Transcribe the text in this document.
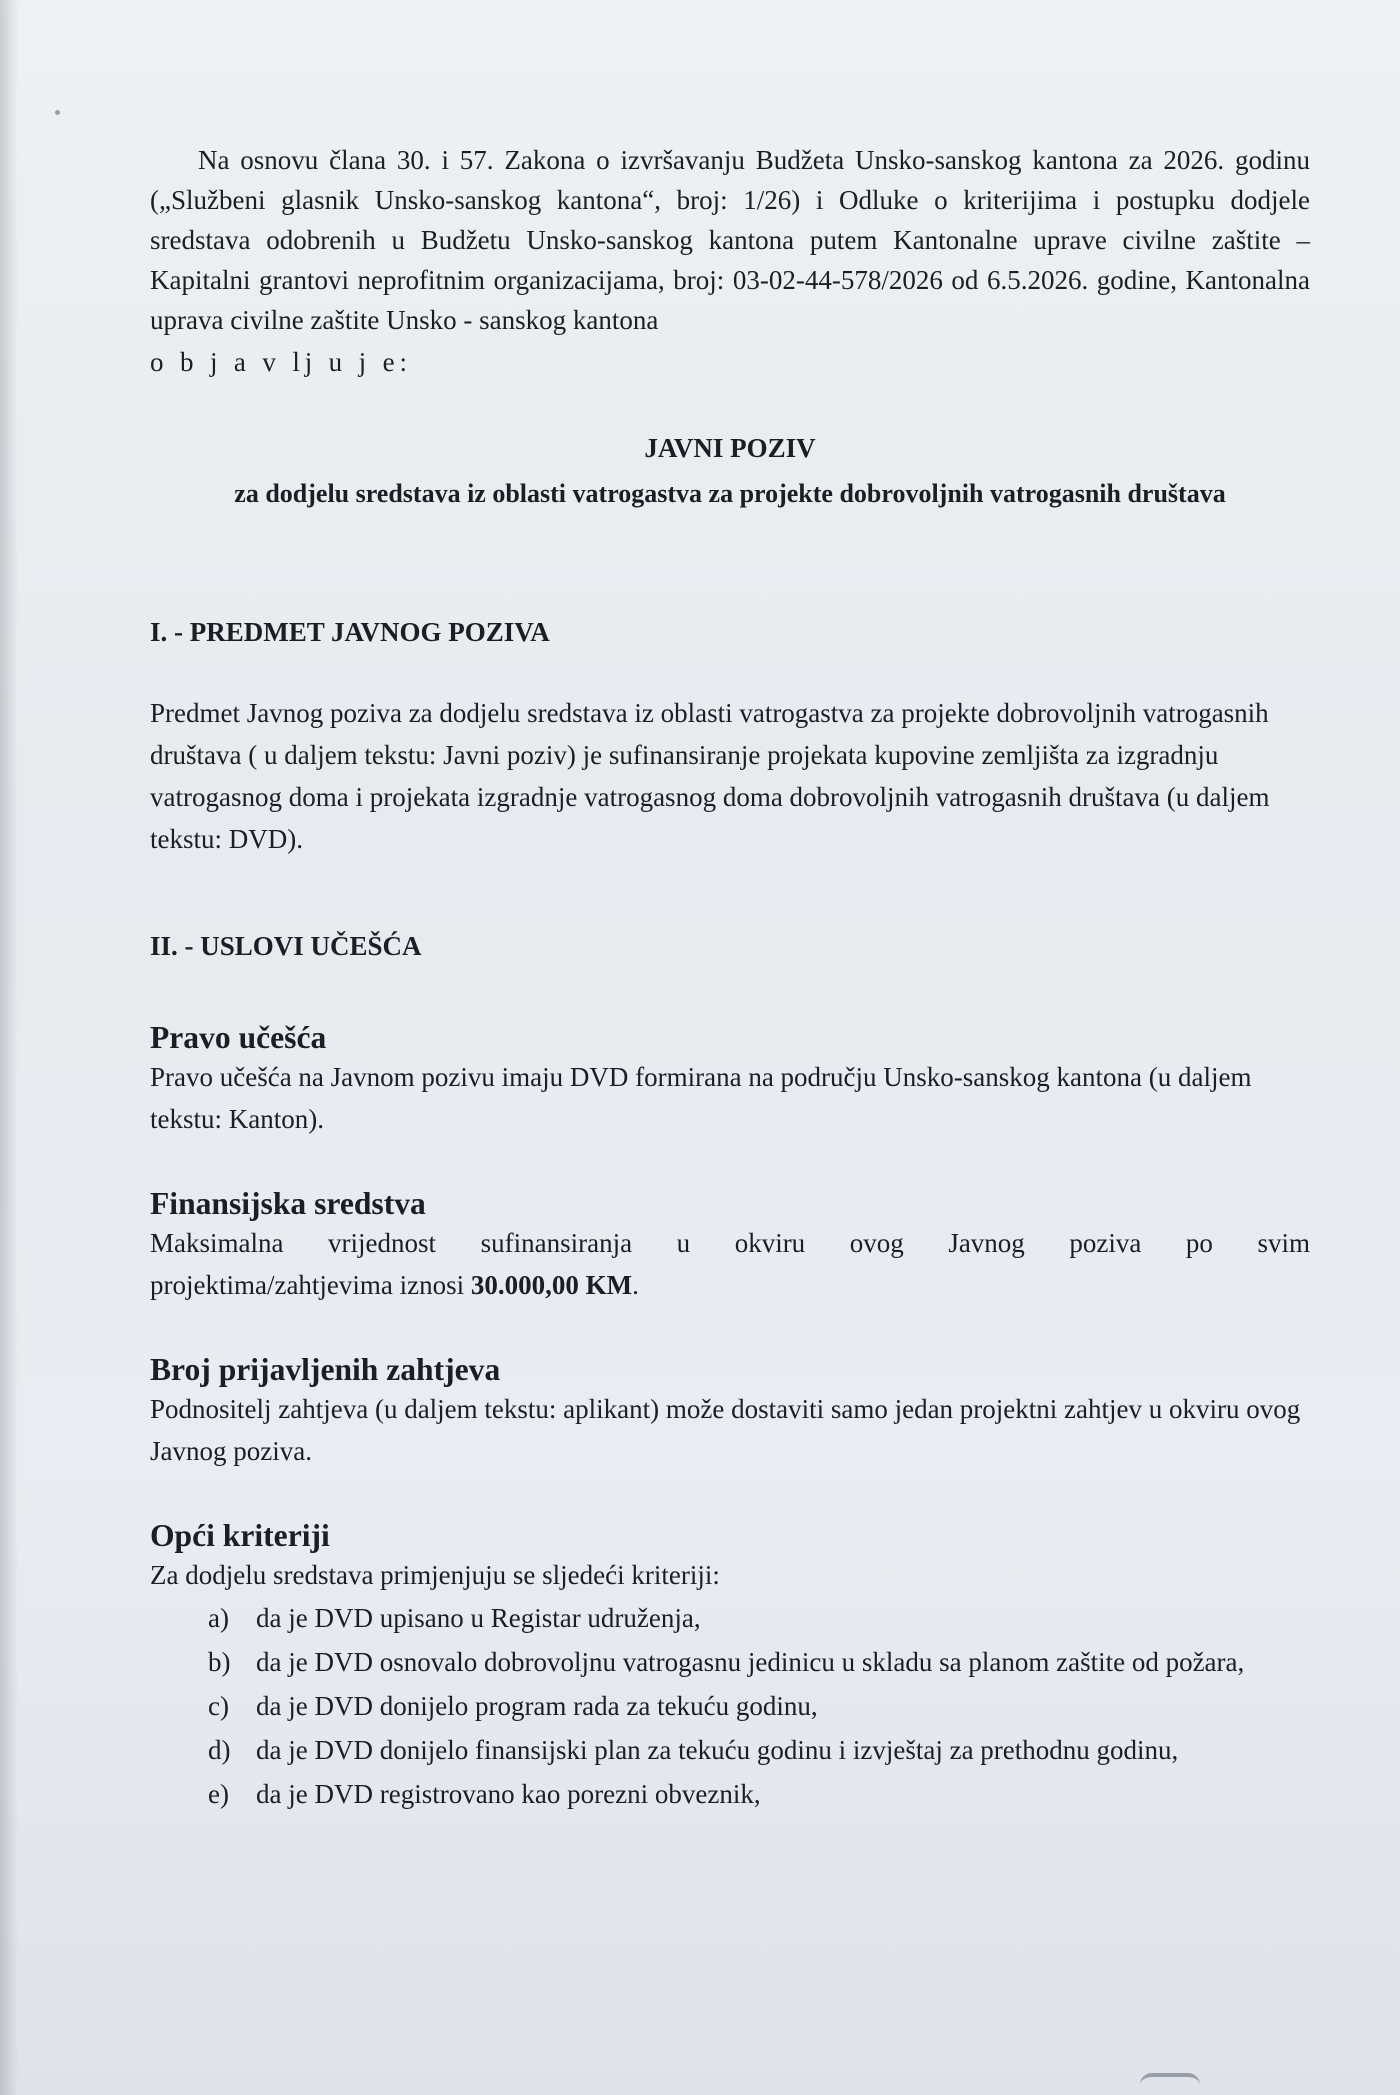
Na osnovu člana 30. i 57. Zakona o izvršavanju Budžeta Unsko-sanskog kantona za 2026. godinu („Službeni glasnik Unsko-sanskog kantona“, broj: 1/26) i Odluke o kriterijima i postupku dodjele sredstava odobrenih u Budžetu Unsko-sanskog kantona putem Kantonalne uprave civilne zaštite – Kapitalni grantovi neprofitnim organizacijama, broj: 03-02-44-578/2026 od 6.5.2026. godine, Kantonalna uprava civilne zaštite Unsko - sanskog kantona

o b j a v lj u j e:

JAVNI POZIV
za dodjelu sredstava iz oblasti vatrogastva za projekte dobrovoljnih vatrogasnih društava
I. - PREDMET JAVNOG POZIVA

Predmet Javnog poziva za dodjelu sredstava iz oblasti vatrogastva za projekte dobrovoljnih vatrogasnih društava ( u daljem tekstu: Javni poziv) je sufinansiranje projekata kupovine zemljišta za izgradnju vatrogasnog doma i projekata izgradnje vatrogasnog doma dobrovoljnih vatrogasnih društava (u daljem tekstu: DVD).

II. - USLOVI UČEŠĆA
Pravo učešća

Pravo učešća na Javnom pozivu imaju DVD formirana na području Unsko-sanskog kantona (u daljem tekstu: Kanton).

Finansijska sredstva

Maksimalna vrijednost sufinansiranja u okviru ovog Javnog poziva po svim
projektima/zahtjevima iznosi 30.000,00 KM.

Broj prijavljenih zahtjeva

Podnositelj zahtjeva (u daljem tekstu: aplikant) može dostaviti samo jedan projektni zahtjev u okviru ovog Javnog poziva.

Opći kriteriji

Za dodjelu sredstava primjenjuju se sljedeći kriteriji:

a)	da je DVD upisano u Registar udruženja,
b) da je DVD osnovalo dobrovoljnu vatrogasnu jedinicu u skladu sa planom zaštite od požara,
c)	da je DVD donijelo program rada za tekuću godinu,
d) da je DVD donijelo finansijski plan za tekuću godinu i izvještaj za prethodnu godinu,
e)	da je DVD registrovano kao porezni obveznik,
